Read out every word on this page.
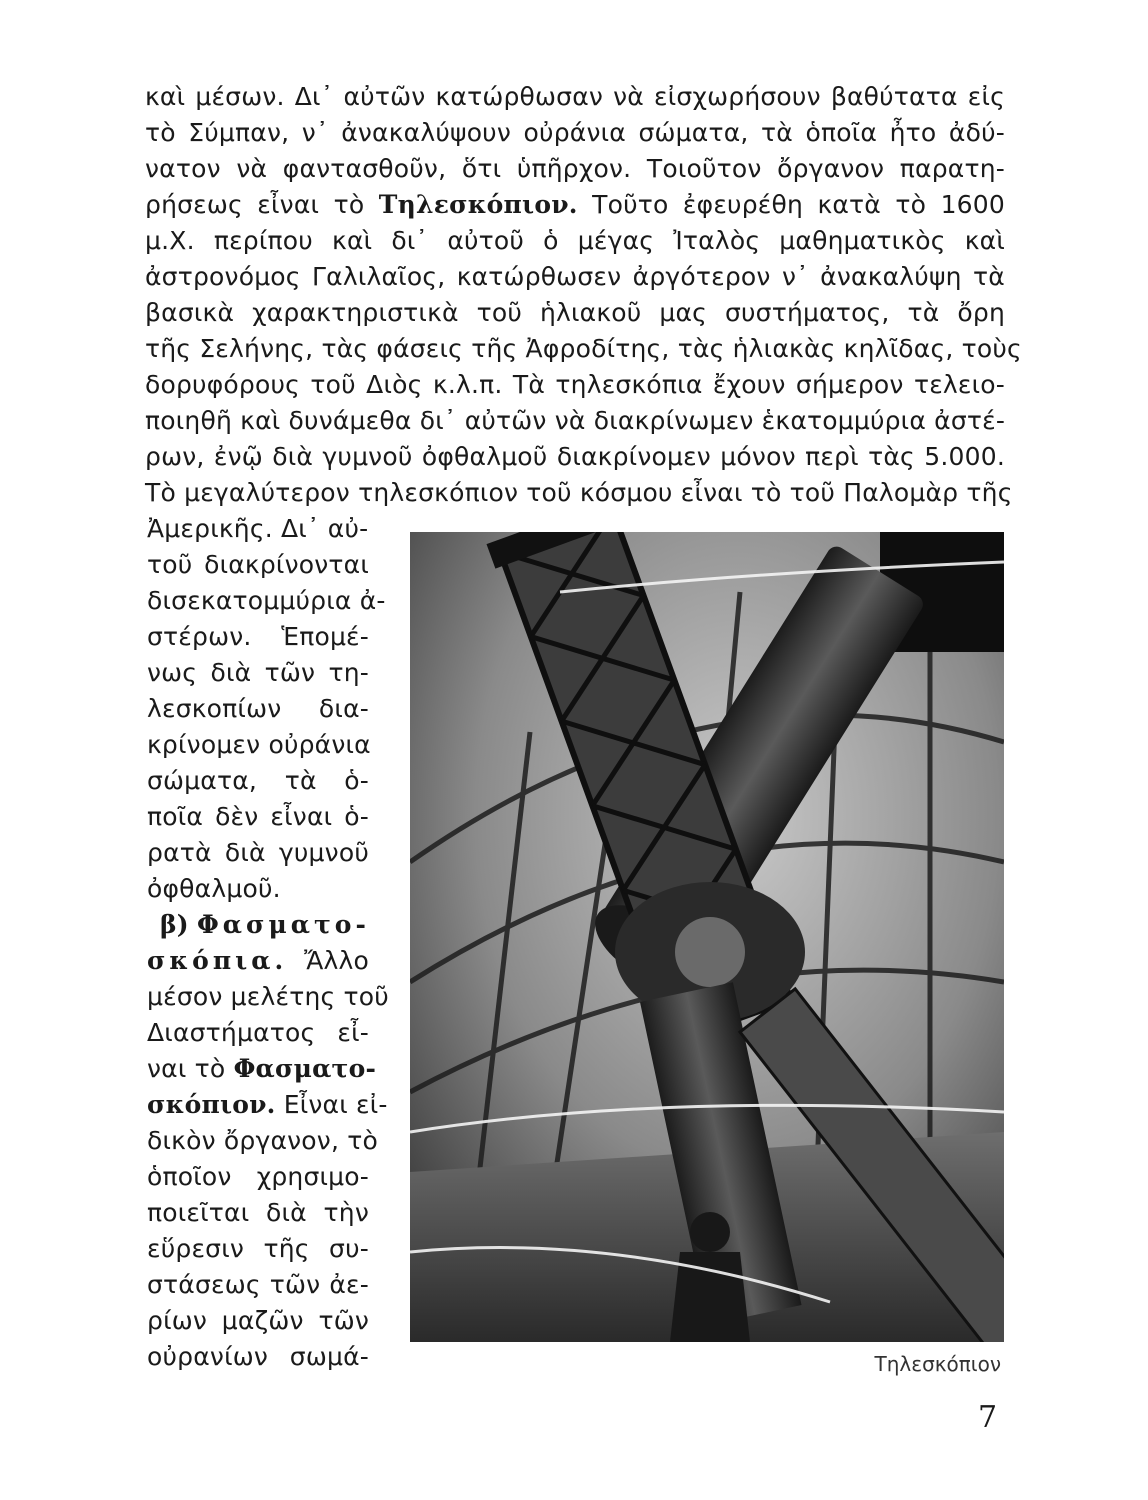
καὶ μέσων. Δι᾽ αὐτῶν κατώρθωσαν νὰ εἰσχωρήσουν βαθύτατα εἰς
τὸ Σύμπαν, ν᾽ ἀνακαλύψουν οὐράνια σώματα, τὰ ὁποῖα ἦτο ἀδύ-
νατον νὰ φαντασθοῦν, ὅτι ὑπῆρχον. Τοιοῦτον ὄργανον παρατη-
ρήσεως εἶναι τὸ Τηλεσκόπιον. Τοῦτο ἐφευρέθη κατὰ τὸ 1600
μ.Χ. περίπου καὶ δι᾽ αὐτοῦ ὁ μέγας Ἰταλὸς μαθηματικὸς καὶ
ἀστρονόμος Γαλιλαῖος, κατώρθωσεν ἀργότερον ν᾽ ἀνακαλύψη τὰ
βασικὰ χαρακτηριστικὰ τοῦ ἡλιακοῦ μας συστήματος, τὰ ὄρη
τῆς Σελήνης, τὰς φάσεις τῆς Ἀφροδίτης, τὰς ἡλιακὰς κηλῖδας, τοὺς
δορυφόρους τοῦ Διὸς κ.λ.π. Τὰ τηλεσκόπια ἔχουν σήμερον τελειο-
ποιηθῆ καὶ δυνάμεθα δι᾽ αὐτῶν νὰ διακρίνωμεν ἑκατομμύρια ἀστέ-
ρων, ἐνῷ διὰ γυμνοῦ ὀφθαλμοῦ διακρίνομεν μόνον περὶ τὰς 5.000.
Τὸ μεγαλύτερον τηλεσκόπιον τοῦ κόσμου εἶναι τὸ τοῦ Παλομὰρ τῆς
Ἀμερικῆς. Δι᾽ αὐ-
τοῦ διακρίνονται
δισεκατομμύρια ἀ-
στέρων. Ἑπομέ-
νως διὰ τῶν τη-
λεσκοπίων δια-
κρίνομεν οὐράνια
σώματα, τὰ ὁ-
ποῖα δὲν εἶναι ὁ-
ρατὰ διὰ γυμνοῦ
ὀφθαλμοῦ.
β) Φασματο-
σκόπια. Ἄλλο
μέσον μελέτης τοῦ
Διαστήματος εἶ-
ναι τὸ Φασματο-
σκόπιον. Εἶναι εἰ-
δικὸν ὄργανον, τὸ
ὁποῖον χρησιμο-
ποιεῖται διὰ τὴν
εὕρεσιν τῆς συ-
στάσεως τῶν ἀε-
ρίων μαζῶν τῶν
οὐρανίων σωμά-	Τηλεσκόπιον
7
